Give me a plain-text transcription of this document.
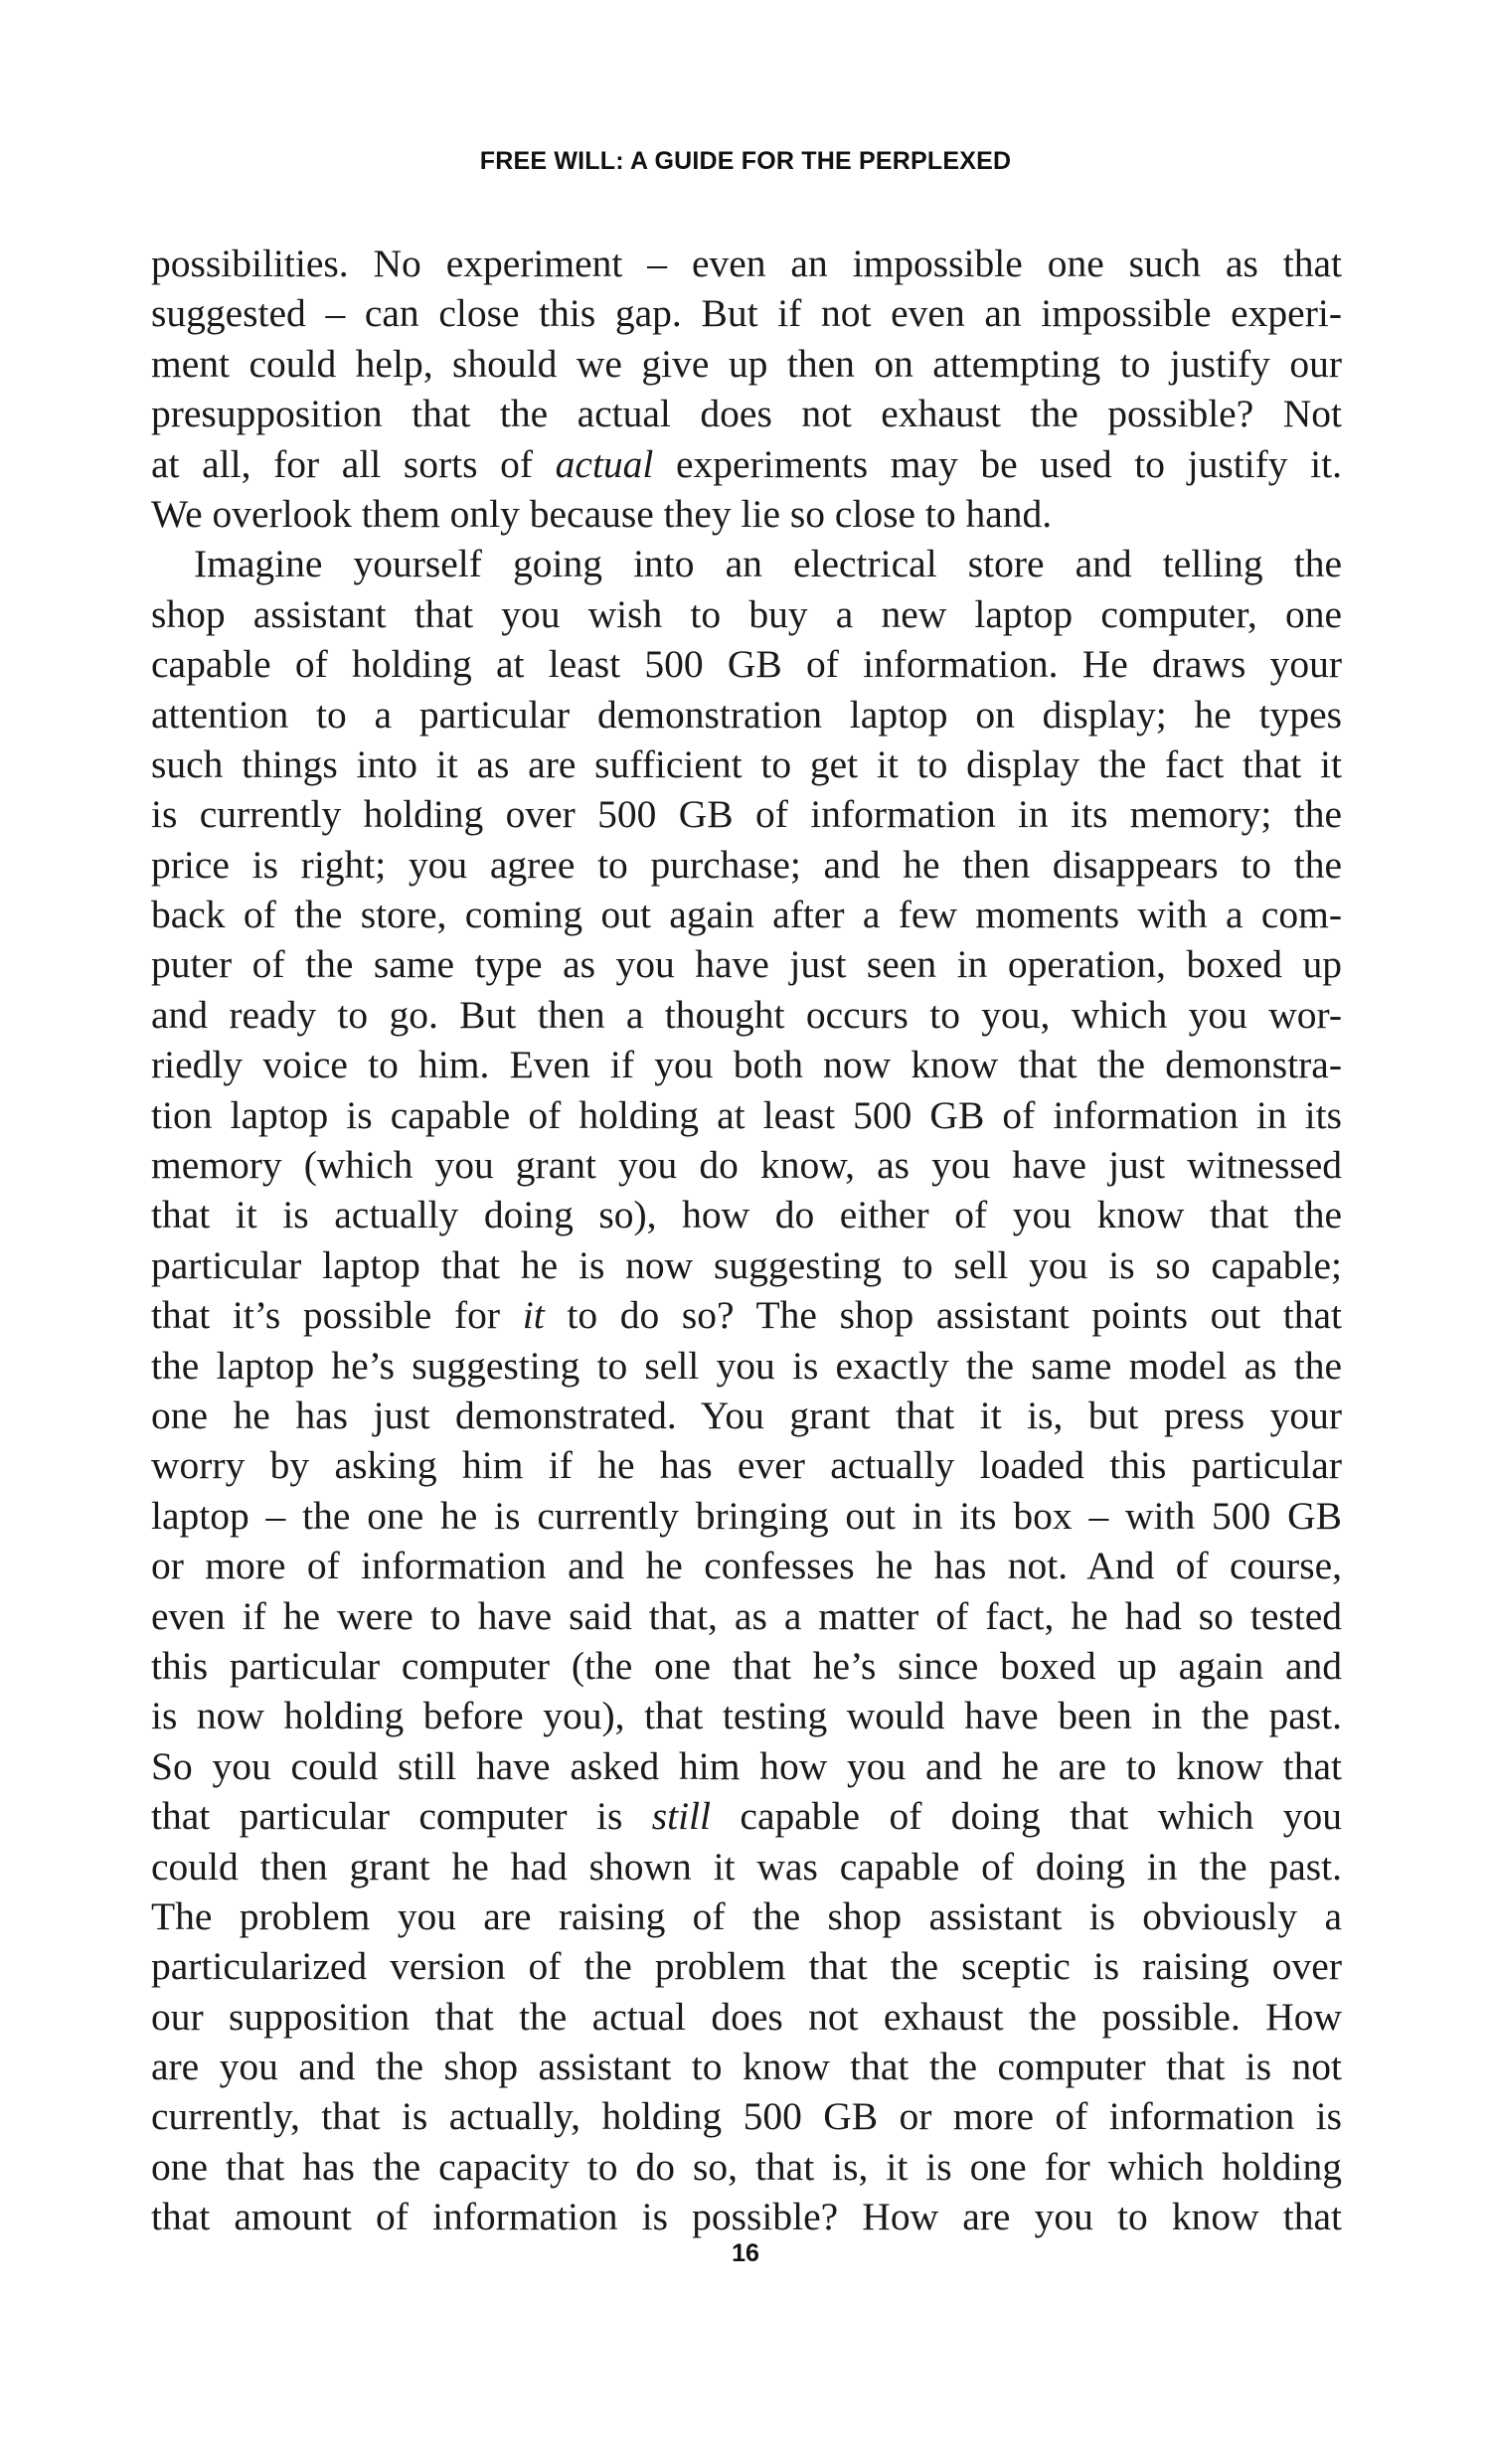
FREE WILL: A GUIDE FOR THE PERPLEXED
possibilities. No experiment – even an impossible one such as that
suggested – can close this gap. But if not even an impossible experi-
ment could help, should we give up then on attempting to justify our
presupposition that the actual does not exhaust the possible? Not
at all, for all sorts of actual experiments may be used to justify it.
We overlook them only because they lie so close to hand.
Imagine yourself going into an electrical store and telling the
shop assistant that you wish to buy a new laptop computer, one
capable of holding at least 500 GB of information. He draws your
attention to a particular demonstration laptop on display; he types
such things into it as are sufficient to get it to display the fact that it
is currently holding over 500 GB of information in its memory; the
price is right; you agree to purchase; and he then disappears to the
back of the store, coming out again after a few moments with a com-
puter of the same type as you have just seen in operation, boxed up
and ready to go. But then a thought occurs to you, which you wor-
riedly voice to him. Even if you both now know that the demonstra-
tion laptop is capable of holding at least 500 GB of information in its
memory (which you grant you do know, as you have just witnessed
that it is actually doing so), how do either of you know that the
particular laptop that he is now suggesting to sell you is so capable;
that it’s possible for it to do so? The shop assistant points out that
the laptop he’s suggesting to sell you is exactly the same model as the
one he has just demonstrated. You grant that it is, but press your
worry by asking him if he has ever actually loaded this particular
laptop – the one he is currently bringing out in its box – with 500 GB
or more of information and he confesses he has not. And of course,
even if he were to have said that, as a matter of fact, he had so tested
this particular computer (the one that he’s since boxed up again and
is now holding before you), that testing would have been in the past.
So you could still have asked him how you and he are to know that
that particular computer is still capable of doing that which you
could then grant he had shown it was capable of doing in the past.
The problem you are raising of the shop assistant is obviously a
particularized version of the problem that the sceptic is raising over
our supposition that the actual does not exhaust the possible. How
are you and the shop assistant to know that the computer that is not
currently, that is actually, holding 500 GB or more of information is
one that has the capacity to do so, that is, it is one for which holding
that amount of information is possible? How are you to know that
16
